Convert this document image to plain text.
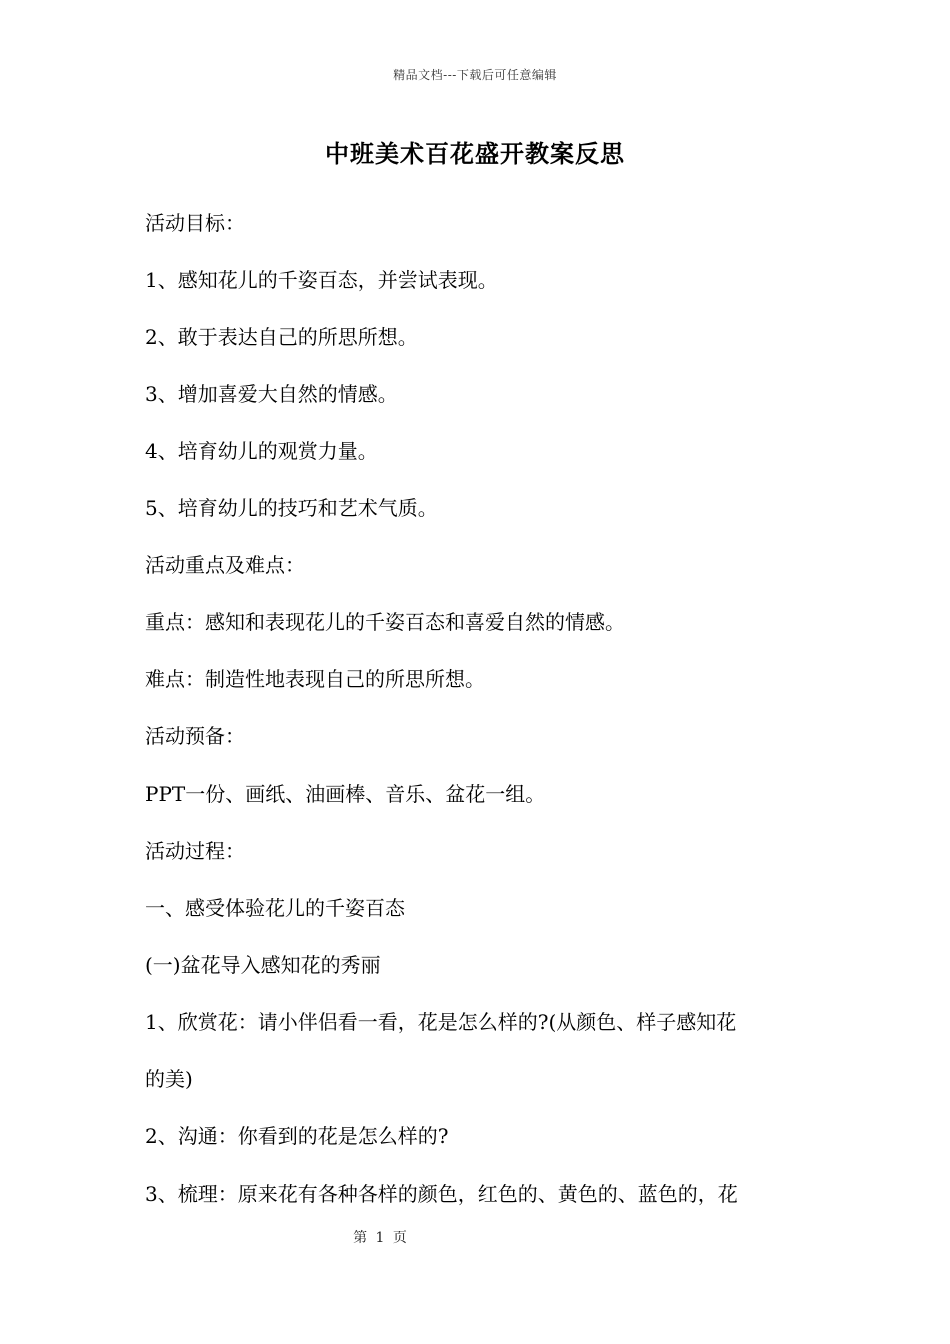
精品文档---下载后可任意编辑
中班美术百花盛开教案反思
活动目标：
1、感知花儿的千姿百态，并尝试表现。
2、敢于表达自己的所思所想。
3、增加喜爱大自然的情感。
4、培育幼儿的观赏力量。
5、培育幼儿的技巧和艺术气质。
活动重点及难点：
重点：感知和表现花儿的千姿百态和喜爱自然的情感。
难点：制造性地表现自己的所思所想。
活动预备：
PPT一份、画纸、油画棒、音乐、盆花一组。
活动过程：
一、感受体验花儿的千姿百态
(一)盆花导入感知花的秀丽
1、欣赏花：请小伴侣看一看，花是怎么样的?(从颜色、样子感知花
的美)
2、沟通：你看到的花是怎么样的?
3、梳理：原来花有各种各样的颜色，红色的、黄色的、蓝色的，花
第 1 页
